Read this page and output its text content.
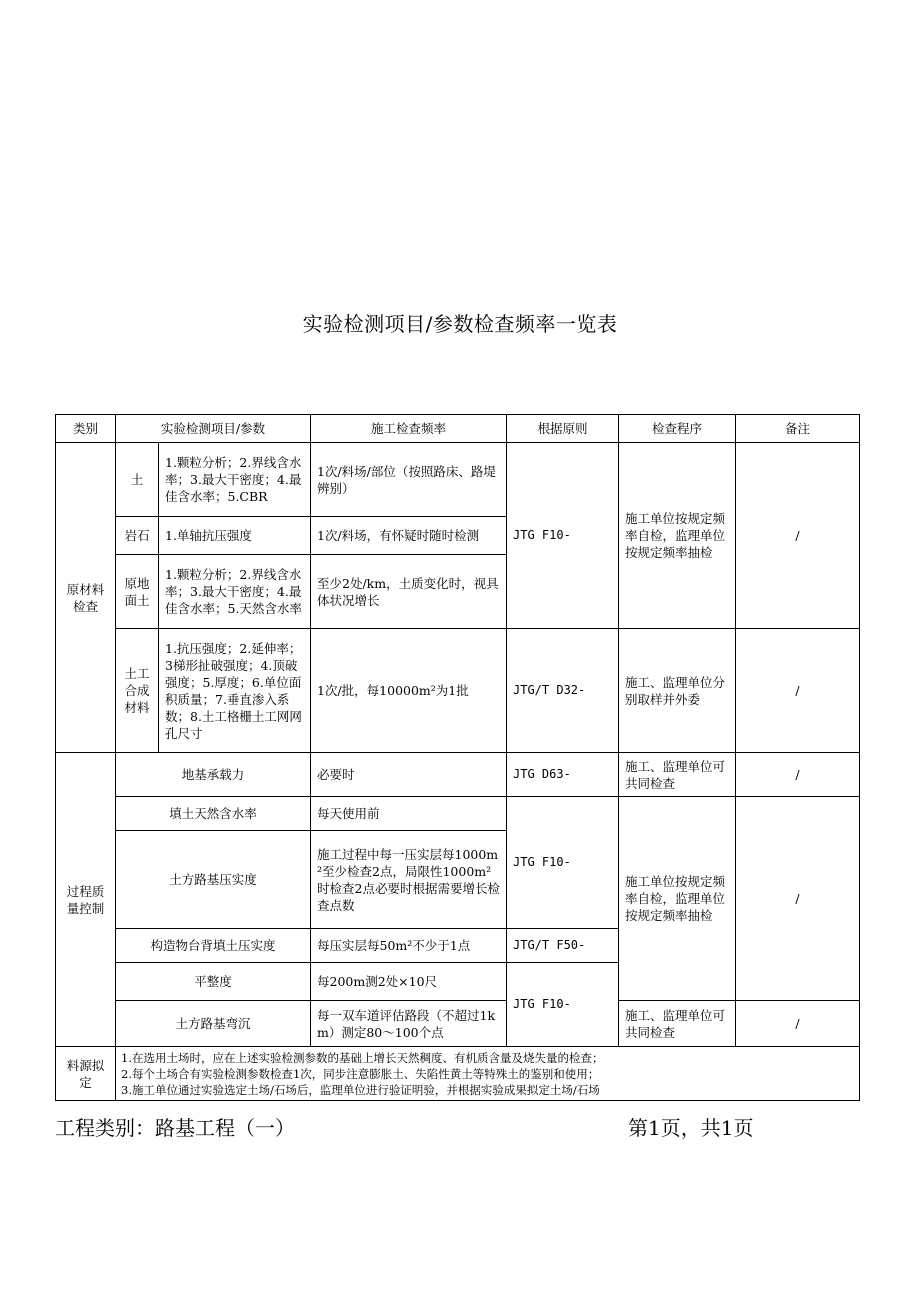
实验检测项目/参数检查频率一览表
类别	实验检测项目/参数		施工检查频率	根据原则	检查程序	备注
原材料检查	土	1.颗粒分析；2.界线含水率；3.最大干密度；4.最佳含水率；5.CBR	1次/料场/部位（按照路床、路堤辨别）	JTG F10-	施工单位按规定频率自检，监理单位按规定频率抽检	/
	岩石	1.单轴抗压强度	1次/料场，有怀疑时随时检测			
	原地面土	1.颗粒分析；2.界线含水率；3.最大干密度；4.最佳含水率；5.天然含水率	至少2处/km，土质变化时，视具体状况增长			
	土工合成材料	1.抗压强度；2.延伸率；3梯形扯破强度；4.顶破强度；5.厚度；6.单位面积质量；7.垂直渗入系数；8.土工格栅土工网网孔尺寸	1次/批，每10000m²为1批	JTG/T D32-	施工、监理单位分别取样并外委	/
过程质量控制	地基承载力		必要时	JTG D63-	施工、监理单位可共同检查	/
	填土天然含水率		每天使用前	JTG F10-	施工单位按规定频率自检，监理单位按规定频率抽检	/
	土方路基压实度		施工过程中每一压实层每1000m²至少检查2点，局限性1000m²时检查2点必要时根据需要增长检查点数			
	构造物台背填土压实度		每压实层每50m²不少于1点	JTG/T F50-		
	平整度		每200m测2处×10尺	JTG F10-		
	土方路基弯沉		每一双车道评估路段（不超过1km）测定80～100个点		施工、监理单位可共同检查	/
料源拟定	1.在选用土场时，应在上述实验检测参数的基础上增长天然稠度、有机质含量及烧失量的检查；
2.每个土场合有实验检测参数检查1次，同步注意膨胀土、失陷性黄土等特殊土的鉴别和使用；
3.施工单位通过实验选定土场/石场后，监理单位进行验证明验，并根据实验成果拟定土场/石场					
工程类别：路基工程（一）	第1页，共1页
